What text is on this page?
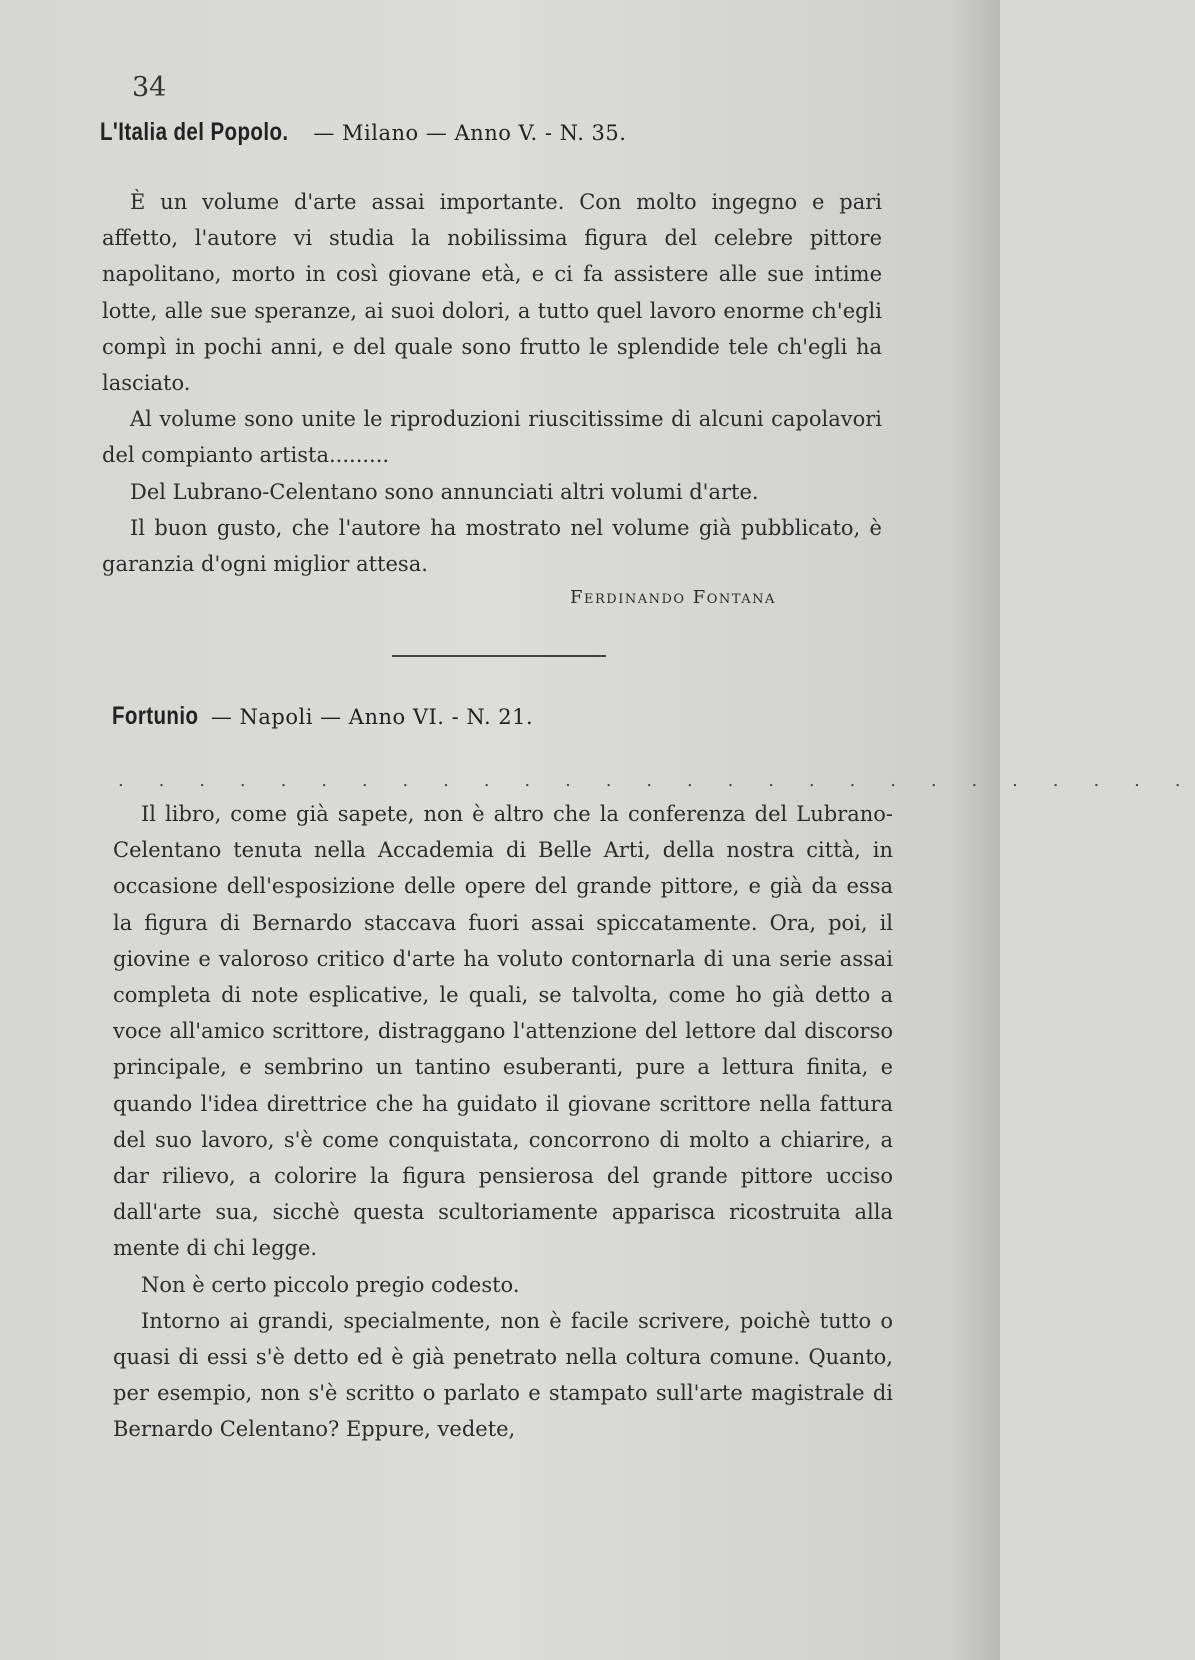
34
L'Italia del Popolo. — Milano — Anno V. - N. 35.

È un volume d'arte assai importante. Con molto ingegno e pari affetto, l'autore vi studia la nobilissima figura del celebre pittore napolitano, morto in così giovane età, e ci fa assistere alle sue intime lotte, alle sue speranze, ai suoi dolori, a tutto quel lavoro enorme ch'egli compì in pochi anni, e del quale sono frutto le splendide tele ch'egli ha lasciato.

Al volume sono unite le riproduzioni riuscitissime di alcuni capolavori del compianto artista.........

Del Lubrano-Celentano sono annunciati altri volumi d'arte.

Il buon gusto, che l'autore ha mostrato nel volume già pubblicato, è garanzia d'ogni miglior attesa.

Ferdinando Fontana
Fortunio — Napoli — Anno VI. - N. 21.
. . . . . . . . . . . . . . . . . . . . . . . . . . .

Il libro, come già sapete, non è altro che la conferenza del Lubrano-Celentano tenuta nella Accademia di Belle Arti, della nostra città, in occasione dell'esposizione delle opere del grande pittore, e già da essa la figura di Bernardo staccava fuori assai spiccatamente. Ora, poi, il giovine e valoroso critico d'arte ha voluto contornarla di una serie assai completa di note esplicative, le quali, se talvolta, come ho già detto a voce all'amico scrittore, distraggano l'attenzione del lettore dal discorso principale, e sembrino un tantino esuberanti, pure a lettura finita, e quando l'idea direttrice che ha guidato il giovane scrittore nella fattura del suo lavoro, s'è come conquistata, concorrono di molto a chiarire, a dar rilievo, a colorire la figura pensierosa del grande pittore ucciso dall'arte sua, sicchè questa scultoriamente apparisca ricostruita alla mente di chi legge.

Non è certo piccolo pregio codesto.

Intorno ai grandi, specialmente, non è facile scrivere, poichè tutto o quasi di essi s'è detto ed è già penetrato nella coltura comune. Quanto, per esempio, non s'è scritto o parlato e stampato sull'arte magistrale di Bernardo Celentano? Eppure, vedete,
